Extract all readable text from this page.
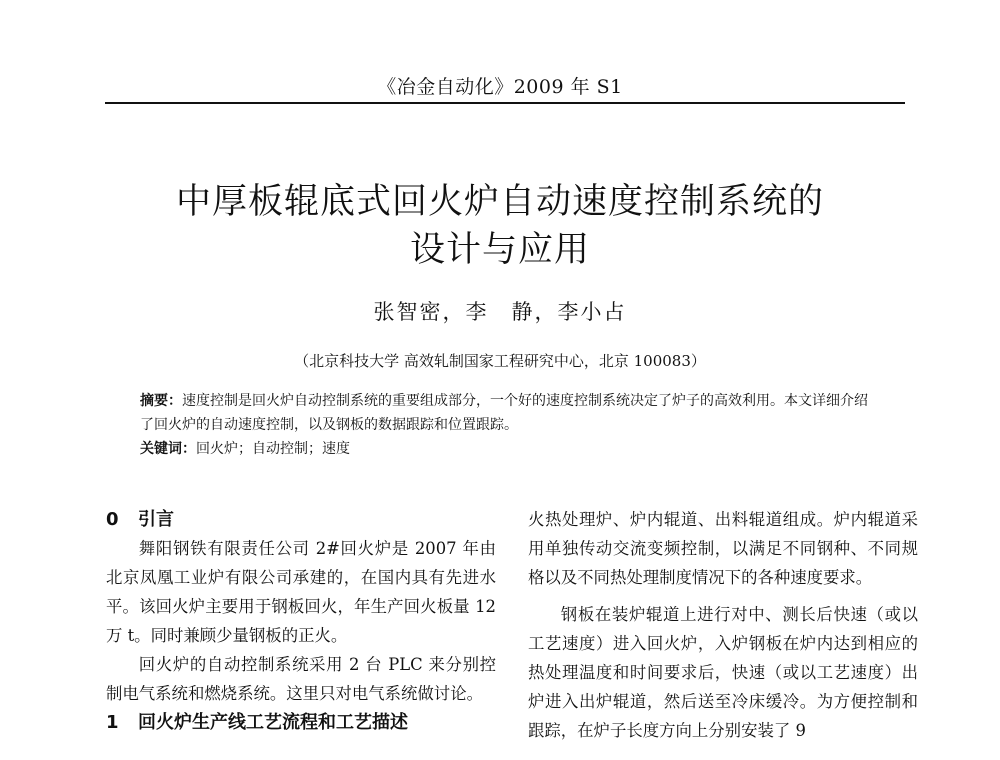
《冶金自动化》2009 年 S1
中厚板辊底式回火炉自动速度控制系统的
设计与应用
张智密，李　静，李小占
（北京科技大学 高效轧制国家工程研究中心，北京 100083）
摘要：速度控制是回火炉自动控制系统的重要组成部分，一个好的速度控制系统决定了炉子的高效利用。本文详细介绍了回火炉的自动速度控制，以及钢板的数据跟踪和位置跟踪。
关键词：回火炉；自动控制；速度

0 引言

舞阳钢铁有限责任公司 2#回火炉是 2007 年由北京凤凰工业炉有限公司承建的，在国内具有先进水平。该回火炉主要用于钢板回火，年生产回火板量 12 万 t。同时兼顾少量钢板的正火。

回火炉的自动控制系统采用 2 台 PLC 来分别控制电气系统和燃烧系统。这里只对电气系统做讨论。

1 回火炉生产线工艺流程和工艺描述

火热处理炉、炉内辊道、出料辊道组成。炉内辊道采用单独传动交流变频控制，以满足不同钢种、不同规格以及不同热处理制度情况下的各种速度要求。

钢板在装炉辊道上进行对中、测长后快速（或以工艺速度）进入回火炉，入炉钢板在炉内达到相应的热处理温度和时间要求后，快速（或以工艺速度）出炉进入出炉辊道，然后送至冷床缓冷。为方便控制和跟踪，在炉子长度方向上分别安装了 9
